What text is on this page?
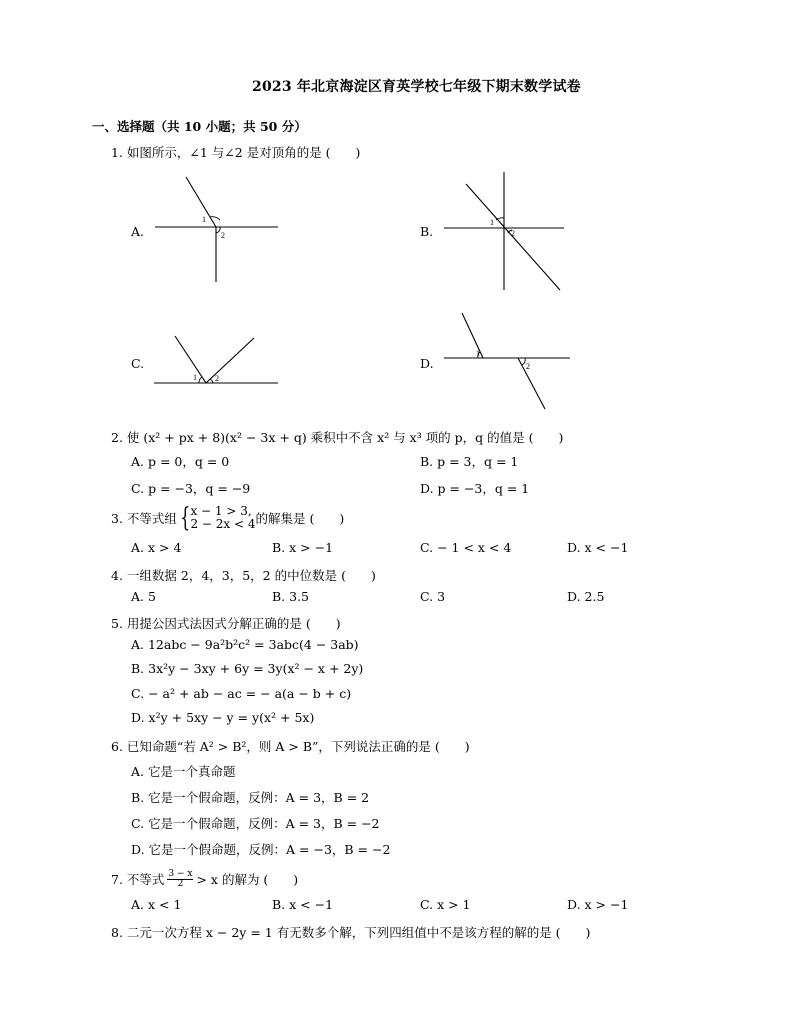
2023 年北京海淀区育英学校七年级下期末数学试卷
一、选择题（共 10 小题；共 50 分）
1. 如图所示，∠1 与∠2 是对顶角的是 (　　)
A.
1
2	B.
1
2
C.
1 2
D.
1
2
2. 使 (x² + px + 8)(x² − 3x + q) 乘积中不含 x² 与 x³ 项的 p，q 的值是 (　　)
A. p = 0，q = 0	B. p = 3，q = 1
C. p = −3，q = −9	D. p = −3，q = 1
3. 不等式组 { x − 1 > 3,
2 − 2x < 4 的解集是 (　　)
A. x > 4	B. x > −1	C. − 1 < x < 4	D. x < −1
4. 一组数据 2，4，3，5，2 的中位数是 (　　)
A. 5	B. 3.5	C. 3	D. 2.5
5. 用提公因式法因式分解正确的是 (　　)
A. 12abc − 9a²b²c² = 3abc(4 − 3ab)
B. 3x²y − 3xy + 6y = 3y(x² − x + 2y)
C. − a² + ab − ac = − a(a − b + c)
D. x²y + 5xy − y = y(x² + 5x)
6. 已知命题“若 A² > B²，则 A > B”，下列说法正确的是 (　　)
A. 它是一个真命题
B. 它是一个假命题，反例：A = 3，B = 2
C. 它是一个假命题，反例：A = 3，B = −2
D. 它是一个假命题，反例：A = −3，B = −2
7. 不等式 $\frac{3 - x}{2} > x$ 的解为 (　　)
A. x < 1	B. x < −1	C. x > 1	D. x > −1
8. 二元一次方程 x − 2y = 1 有无数多个解，下列四组值中不是该方程的解的是 (　　)
